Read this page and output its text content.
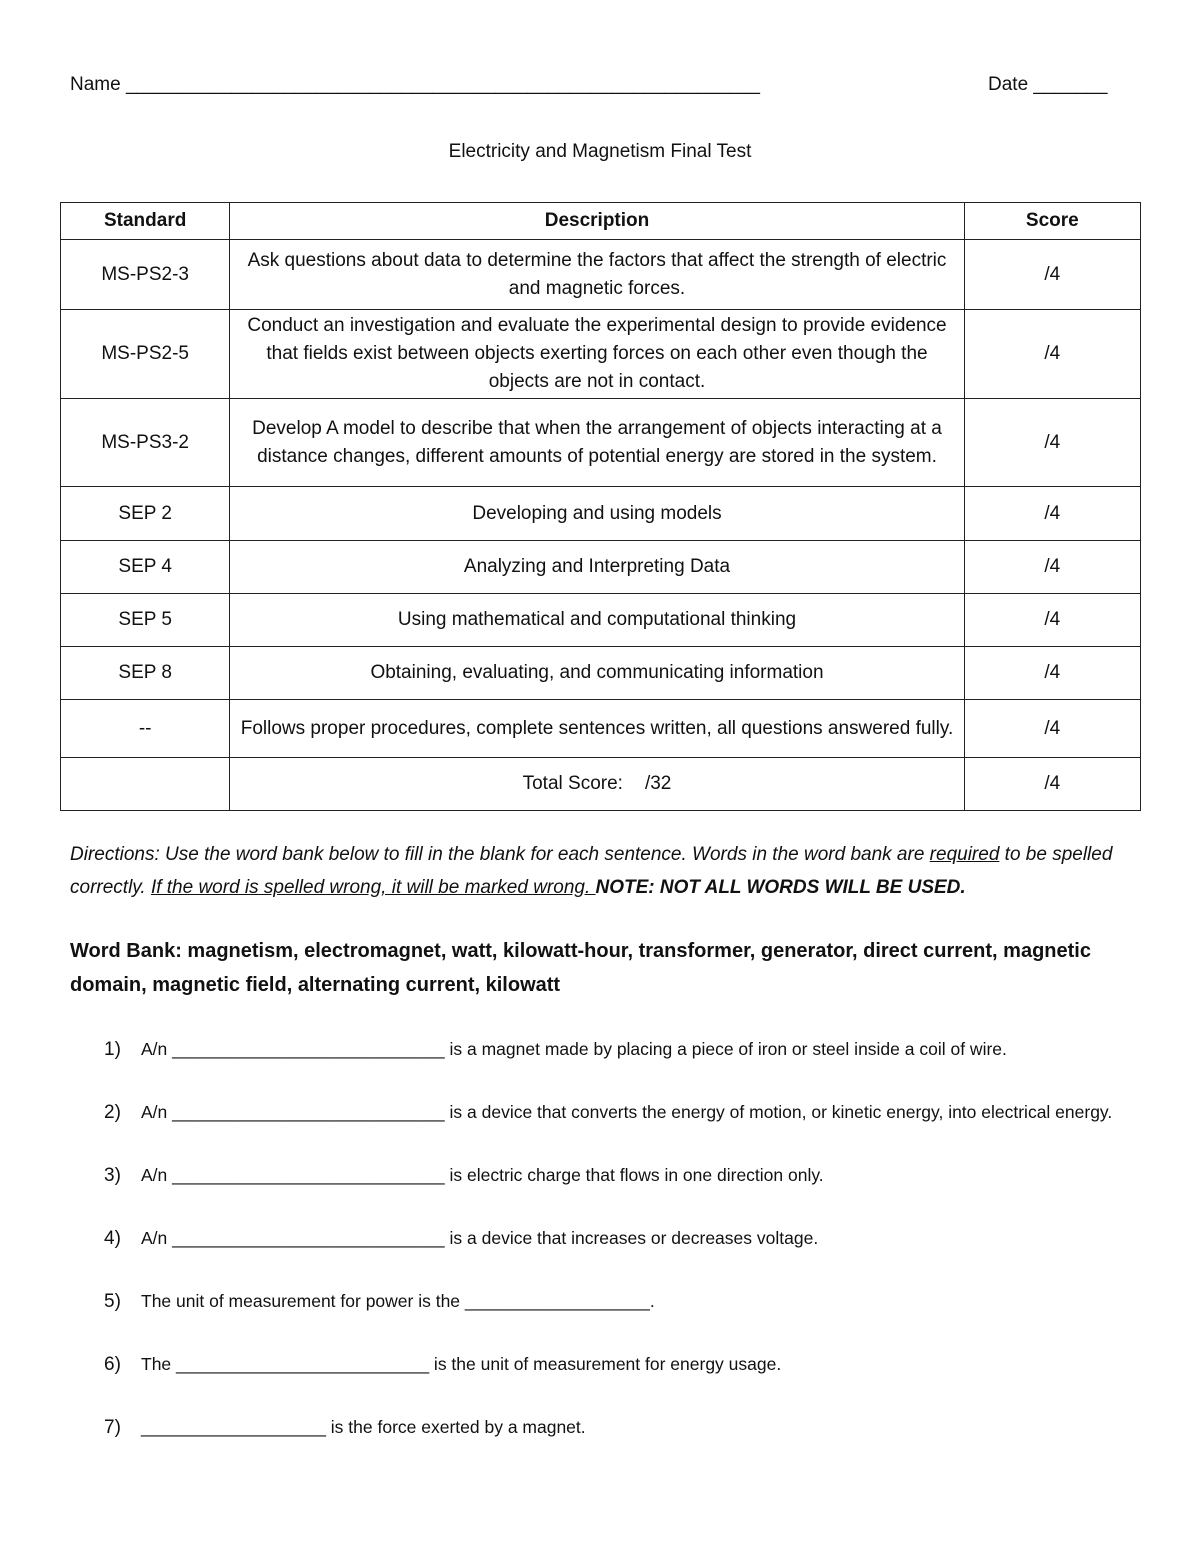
Name ____________________________________________________________	Date _______
Electricity and Magnetism Final Test
Standard	Description	Score
MS-PS2-3	Ask questions about data to determine the factors that affect the strength of electric and magnetic forces.	/4
MS-PS2-5	Conduct an investigation and evaluate the experimental design to provide evidence that fields exist between objects exerting forces on each other even though the objects are not in contact.	/4
MS-PS3-2	Develop A model to describe that when the arrangement of objects interacting at a distance changes, different amounts of potential energy are stored in the system.	/4
SEP 2	Developing and using models	/4
SEP 4	Analyzing and Interpreting Data	/4
SEP 5	Using mathematical and computational thinking	/4
SEP 8	Obtaining, evaluating, and communicating information	/4
--	Follows proper procedures, complete sentences written, all questions answered fully.	/4
	Total Score: /32	/4
Directions: Use the word bank below to fill in the blank for each sentence. Words in the word bank are required to be spelled correctly. If the word is spelled wrong, it will be marked wrong. NOTE: NOT ALL WORDS WILL BE USED.
Word Bank: magnetism, electromagnet, watt, kilowatt-hour, transformer, generator, direct current, magnetic domain, magnetic field, alternating current, kilowatt
1) A/n ____________________________ is a magnet made by placing a piece of iron or steel inside a coil of wire.
2) A/n ____________________________ is a device that converts the energy of motion, or kinetic energy, into electrical energy.
3) A/n ____________________________ is electric charge that flows in one direction only.
4) A/n ____________________________ is a device that increases or decreases voltage.
5) The unit of measurement for power is the ___________________.
6) The __________________________ is the unit of measurement for energy usage.
7) ___________________ is the force exerted by a magnet.
